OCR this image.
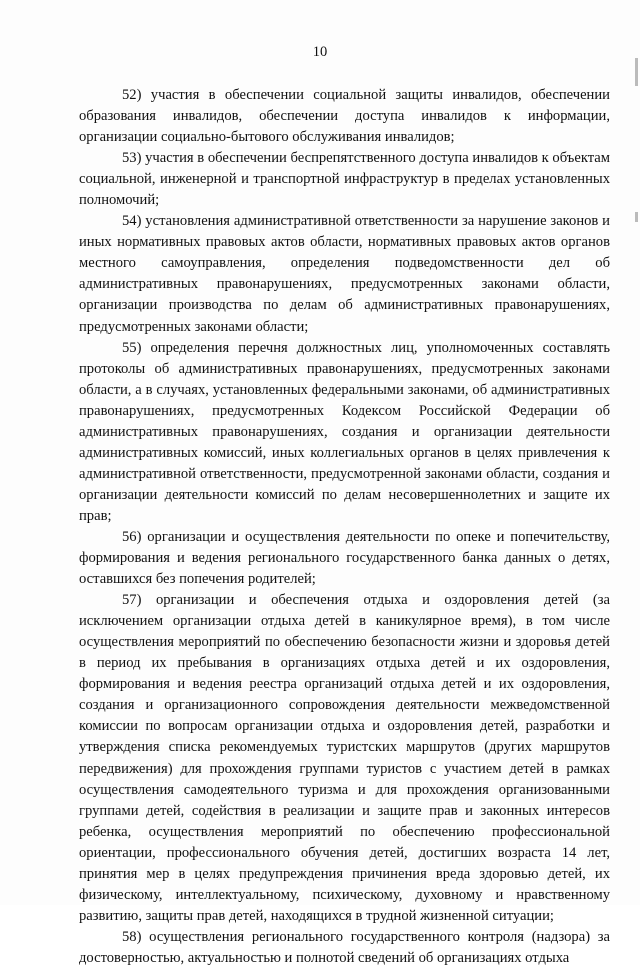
10

52) участия в обеспечении социальной защиты инвалидов, обеспечении образования инвалидов, обеспечении доступа инвалидов к информации, организации социально-бытового обслуживания инвалидов;

53) участия в обеспечении беспрепятственного доступа инвалидов к объектам социальной, инженерной и транспортной инфраструктур в пределах установленных полномочий;

54) установления административной ответственности за нарушение законов и иных нормативных правовых актов области, нормативных правовых актов органов местного самоуправления, определения подведомственности дел об административных правонарушениях, предусмотренных законами области, организации производства по делам об административных правонарушениях, предусмотренных законами области;

55) определения перечня должностных лиц, уполномоченных составлять протоколы об административных правонарушениях, предусмотренных законами области, а в случаях, установленных федеральными законами, об административных правонарушениях, предусмотренных Кодексом Российской Федерации об административных правонарушениях, создания и организации деятельности административных комиссий, иных коллегиальных органов в целях привлечения к административной ответственности, предусмотренной законами области, создания и организации деятельности комиссий по делам несовершеннолетних и защите их прав;

56) организации и осуществления деятельности по опеке и попечительству, формирования и ведения регионального государственного банка данных о детях, оставшихся без попечения родителей;

57) организации и обеспечения отдыха и оздоровления детей (за исключением организации отдыха детей в каникулярное время), в том числе осуществления мероприятий по обеспечению безопасности жизни и здоровья детей в период их пребывания в организациях отдыха детей и их оздоровления, формирования и ведения реестра организаций отдыха детей и их оздоровления, создания и организационного сопровождения деятельности межведомственной комиссии по вопросам организации отдыха и оздоровления детей, разработки и утверждения списка рекомендуемых туристских маршрутов (других маршрутов передвижения) для прохождения группами туристов с участием детей в рамках осуществления самодеятельного туризма и для прохождения организованными группами детей, содействия в реализации и защите прав и законных интересов ребенка, осуществления мероприятий по обеспечению профессиональной ориентации, профессионального обучения детей, достигших возраста 14 лет, принятия мер в целях предупреждения причинения вреда здоровью детей, их физическому, интеллектуальному, психическому, духовному и нравственному развитию, защиты прав детей, находящихся в трудной жизненной ситуации;

58) осуществления регионального государственного контроля (надзора) за достоверностью, актуальностью и полнотой сведений об организациях отдыха
